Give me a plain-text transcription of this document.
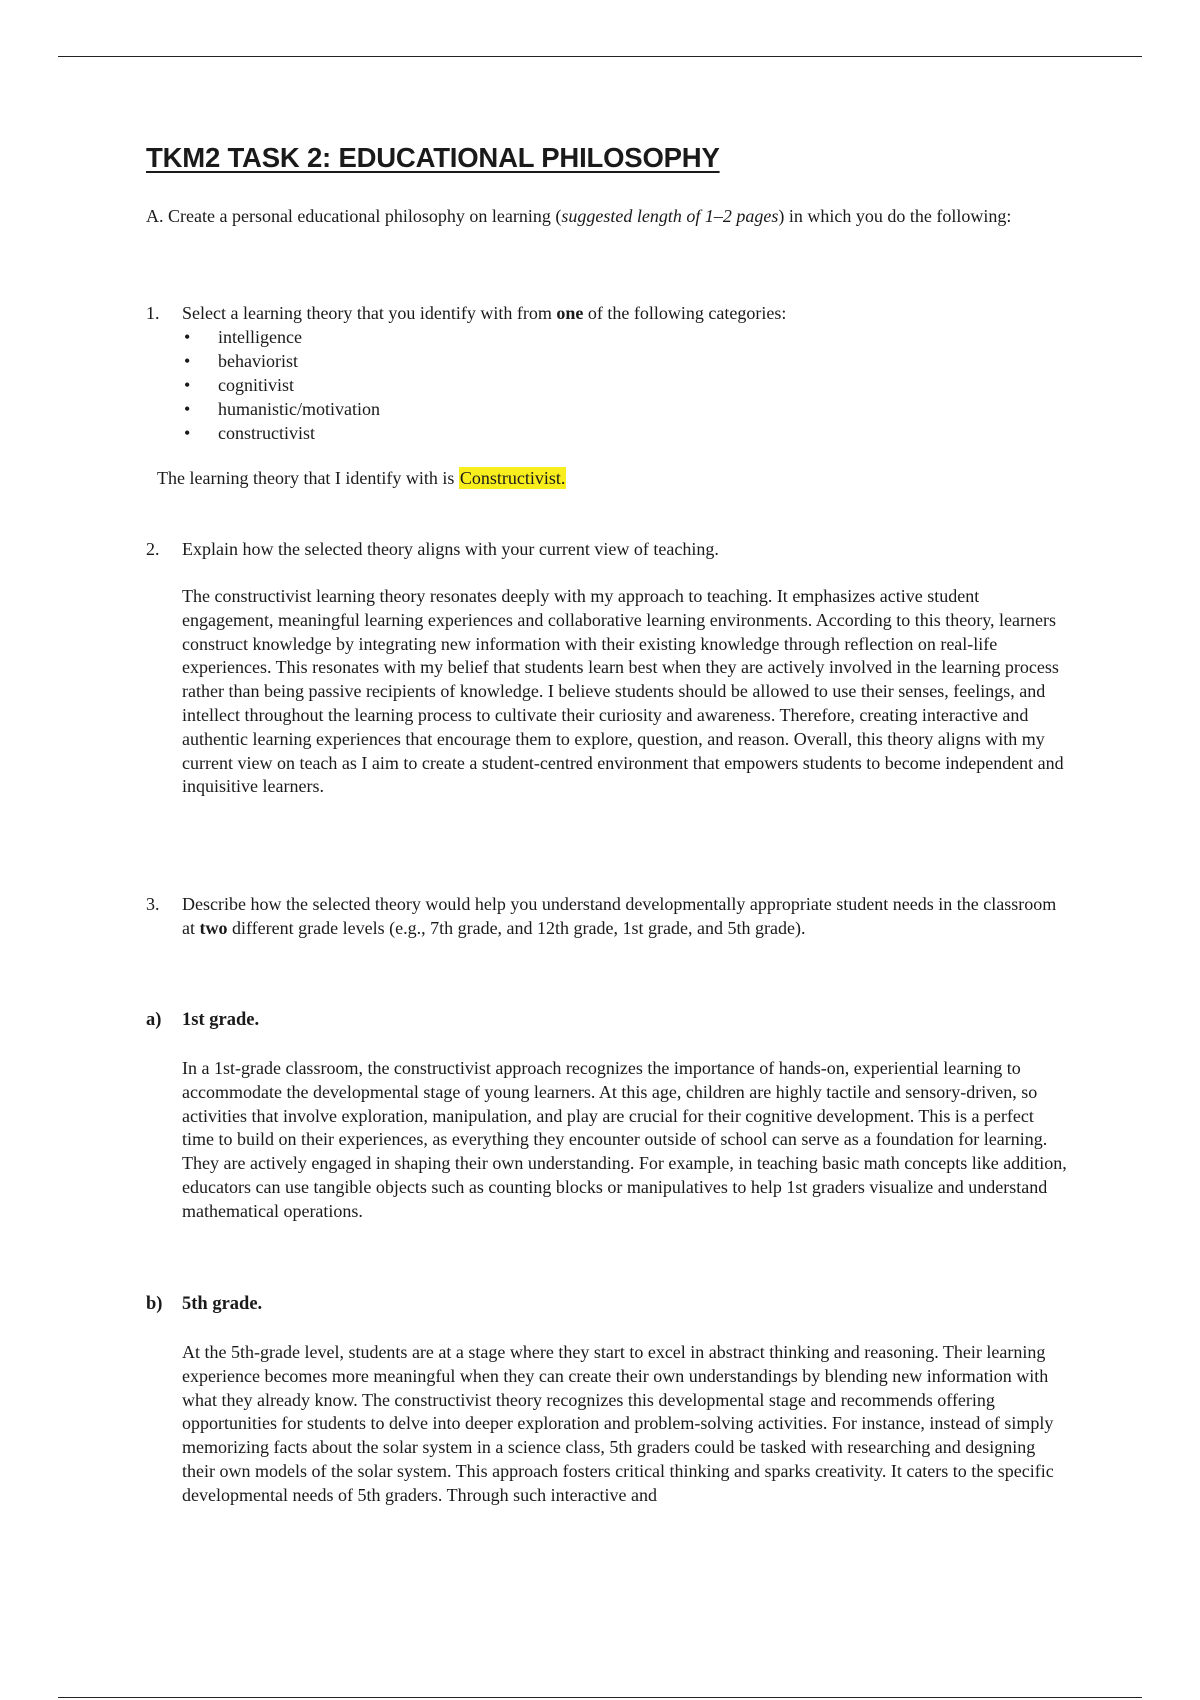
TKM2 TASK 2: EDUCATIONAL PHILOSOPHY
A. Create a personal educational philosophy on learning (suggested length of 1–2 pages) in which you do the following:
1. Select a learning theory that you identify with from one of the following categories:
• intelligence
• behaviorist
• cognitivist
• humanistic/motivation
• constructivist
The learning theory that I identify with is Constructivist.
2. Explain how the selected theory aligns with your current view of teaching.
The constructivist learning theory resonates deeply with my approach to teaching. It emphasizes active student engagement, meaningful learning experiences and collaborative learning environments. According to this theory, learners construct knowledge by integrating new information with their existing knowledge through reflection on real-life experiences. This resonates with my belief that students learn best when they are actively involved in the learning process rather than being passive recipients of knowledge. I believe students should be allowed to use their senses, feelings, and intellect throughout the learning process to cultivate their curiosity and awareness. Therefore, creating interactive and authentic learning experiences that encourage them to explore, question, and reason. Overall, this theory aligns with my current view on teach as I aim to create a student-centred environment that empowers students to become independent and inquisitive learners.
3. Describe how the selected theory would help you understand developmentally appropriate student needs in the classroom at two different grade levels (e.g., 7th grade, and 12th grade, 1st grade, and 5th grade).
a) 1st grade.
In a 1st-grade classroom, the constructivist approach recognizes the importance of hands-on, experiential learning to accommodate the developmental stage of young learners. At this age, children are highly tactile and sensory-driven, so activities that involve exploration, manipulation, and play are crucial for their cognitive development. This is a perfect time to build on their experiences, as everything they encounter outside of school can serve as a foundation for learning. They are actively engaged in shaping their own understanding. For example, in teaching basic math concepts like addition, educators can use tangible objects such as counting blocks or manipulatives to help 1st graders visualize and understand mathematical operations.
b) 5th grade.
At the 5th-grade level, students are at a stage where they start to excel in abstract thinking and reasoning. Their learning experience becomes more meaningful when they can create their own understandings by blending new information with what they already know. The constructivist theory recognizes this developmental stage and recommends offering opportunities for students to delve into deeper exploration and problem-solving activities. For instance, instead of simply memorizing facts about the solar system in a science class, 5th graders could be tasked with researching and designing their own models of the solar system. This approach fosters critical thinking and sparks creativity. It caters to the specific developmental needs of 5th graders. Through such interactive and
